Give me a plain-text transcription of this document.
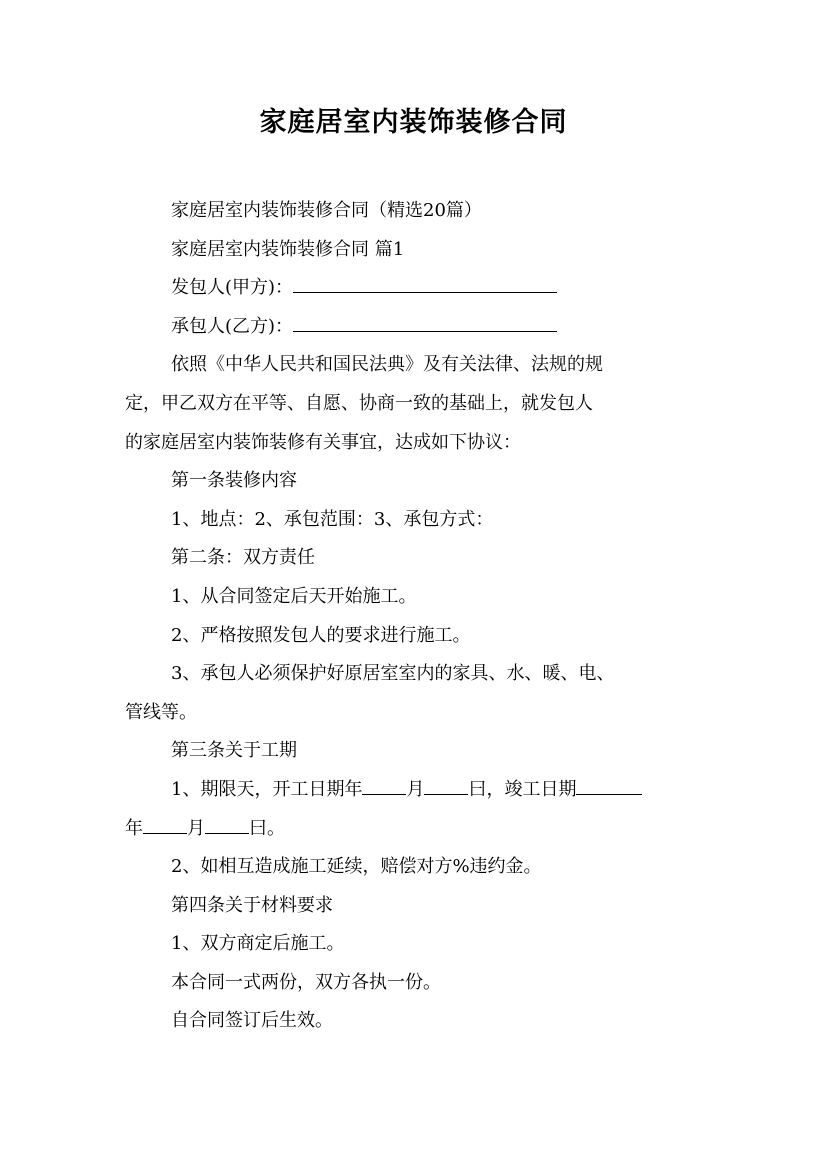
家庭居室内装饰装修合同

家庭居室内装饰装修合同（精选20篇）

家庭居室内装饰装修合同 篇1

发包人(甲方)：

承包人(乙方)：

依照《中华人民共和国民法典》及有关法律、法规的规
定，甲乙双方在平等、自愿、协商一致的基础上，就发包人
的家庭居室内装饰装修有关事宜，达成如下协议：

第一条装修内容

1、地点：2、承包范围：3、承包方式：

第二条：双方责任

1、从合同签定后天开始施工。

2、严格按照发包人的要求进行施工。

3、承包人必须保护好原居室室内的家具、水、暖、电、
管线等。

第三条关于工期

1、期限天，开工日期年 月 曰，竣工日期
年 月 曰。

2、如相互造成施工延续，赔偿对方%违约金。

第四条关于材料要求

1、双方商定后施工。

本合同一式两份，双方各执一份。

自合同签订后生效。
